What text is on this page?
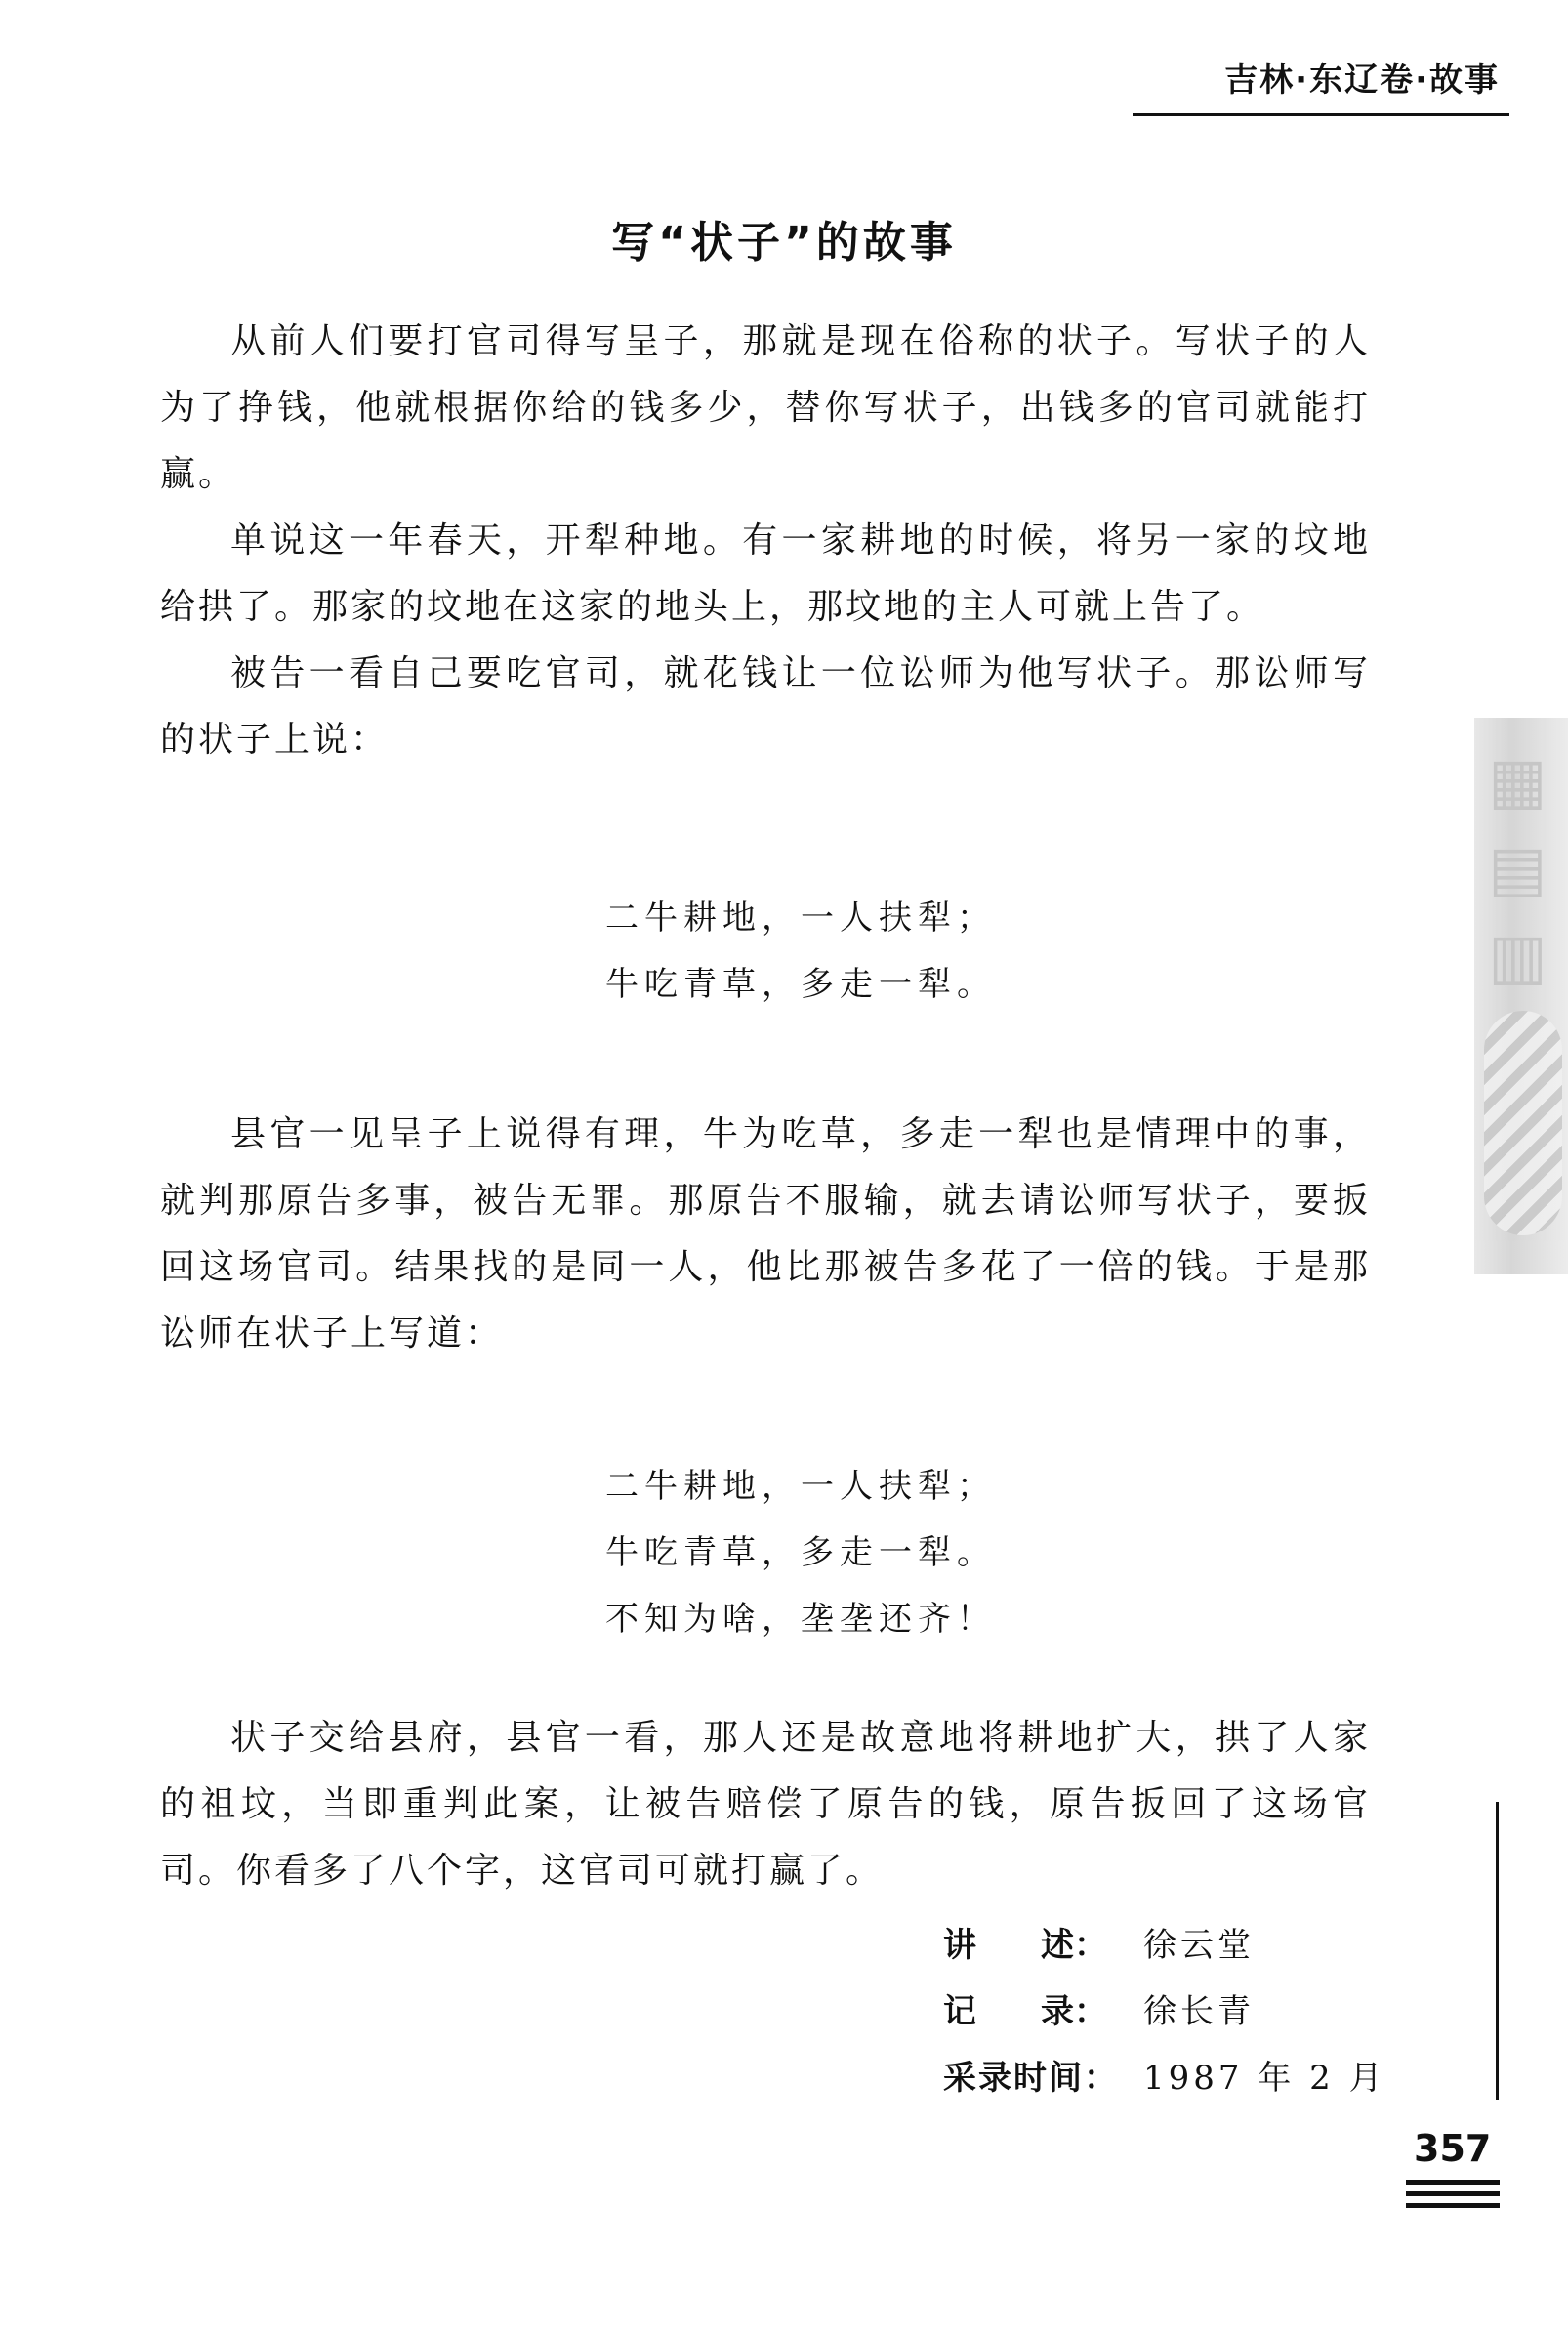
吉林·东辽卷·故事
写“状子”的故事

从前人们要打官司得写呈子，那就是现在俗称的状子。写状子的人为了挣钱，他就根据你给的钱多少，替你写状子，出钱多的官司就能打赢。

单说这一年春天，开犁种地。有一家耕地的时候，将另一家的坟地给拱了。那家的坟地在这家的地头上，那坟地的主人可就上告了。

被告一看自己要吃官司，就花钱让一位讼师为他写状子。那讼师写的状子上说：

二牛耕地，一人扶犁；
牛吃青草，多走一犁。

县官一见呈子上说得有理，牛为吃草，多走一犁也是情理中的事，就判那原告多事，被告无罪。那原告不服输，就去请讼师写状子，要扳回这场官司。结果找的是同一人，他比那被告多花了一倍的钱。于是那讼师在状子上写道：

二牛耕地，一人扶犁；
牛吃青草，多走一犁。
不知为啥，垄垄还齐！

状子交给县府，县官一看，那人还是故意地将耕地扩大，拱了人家的祖坟，当即重判此案，让被告赔偿了原告的钱，原告扳回了这场官司。你看多了八个字，这官司可就打赢了。

讲 述： 徐云堂
记 录： 徐长青
采录时间： 1987 年 2 月
▦
▤
▥
357
